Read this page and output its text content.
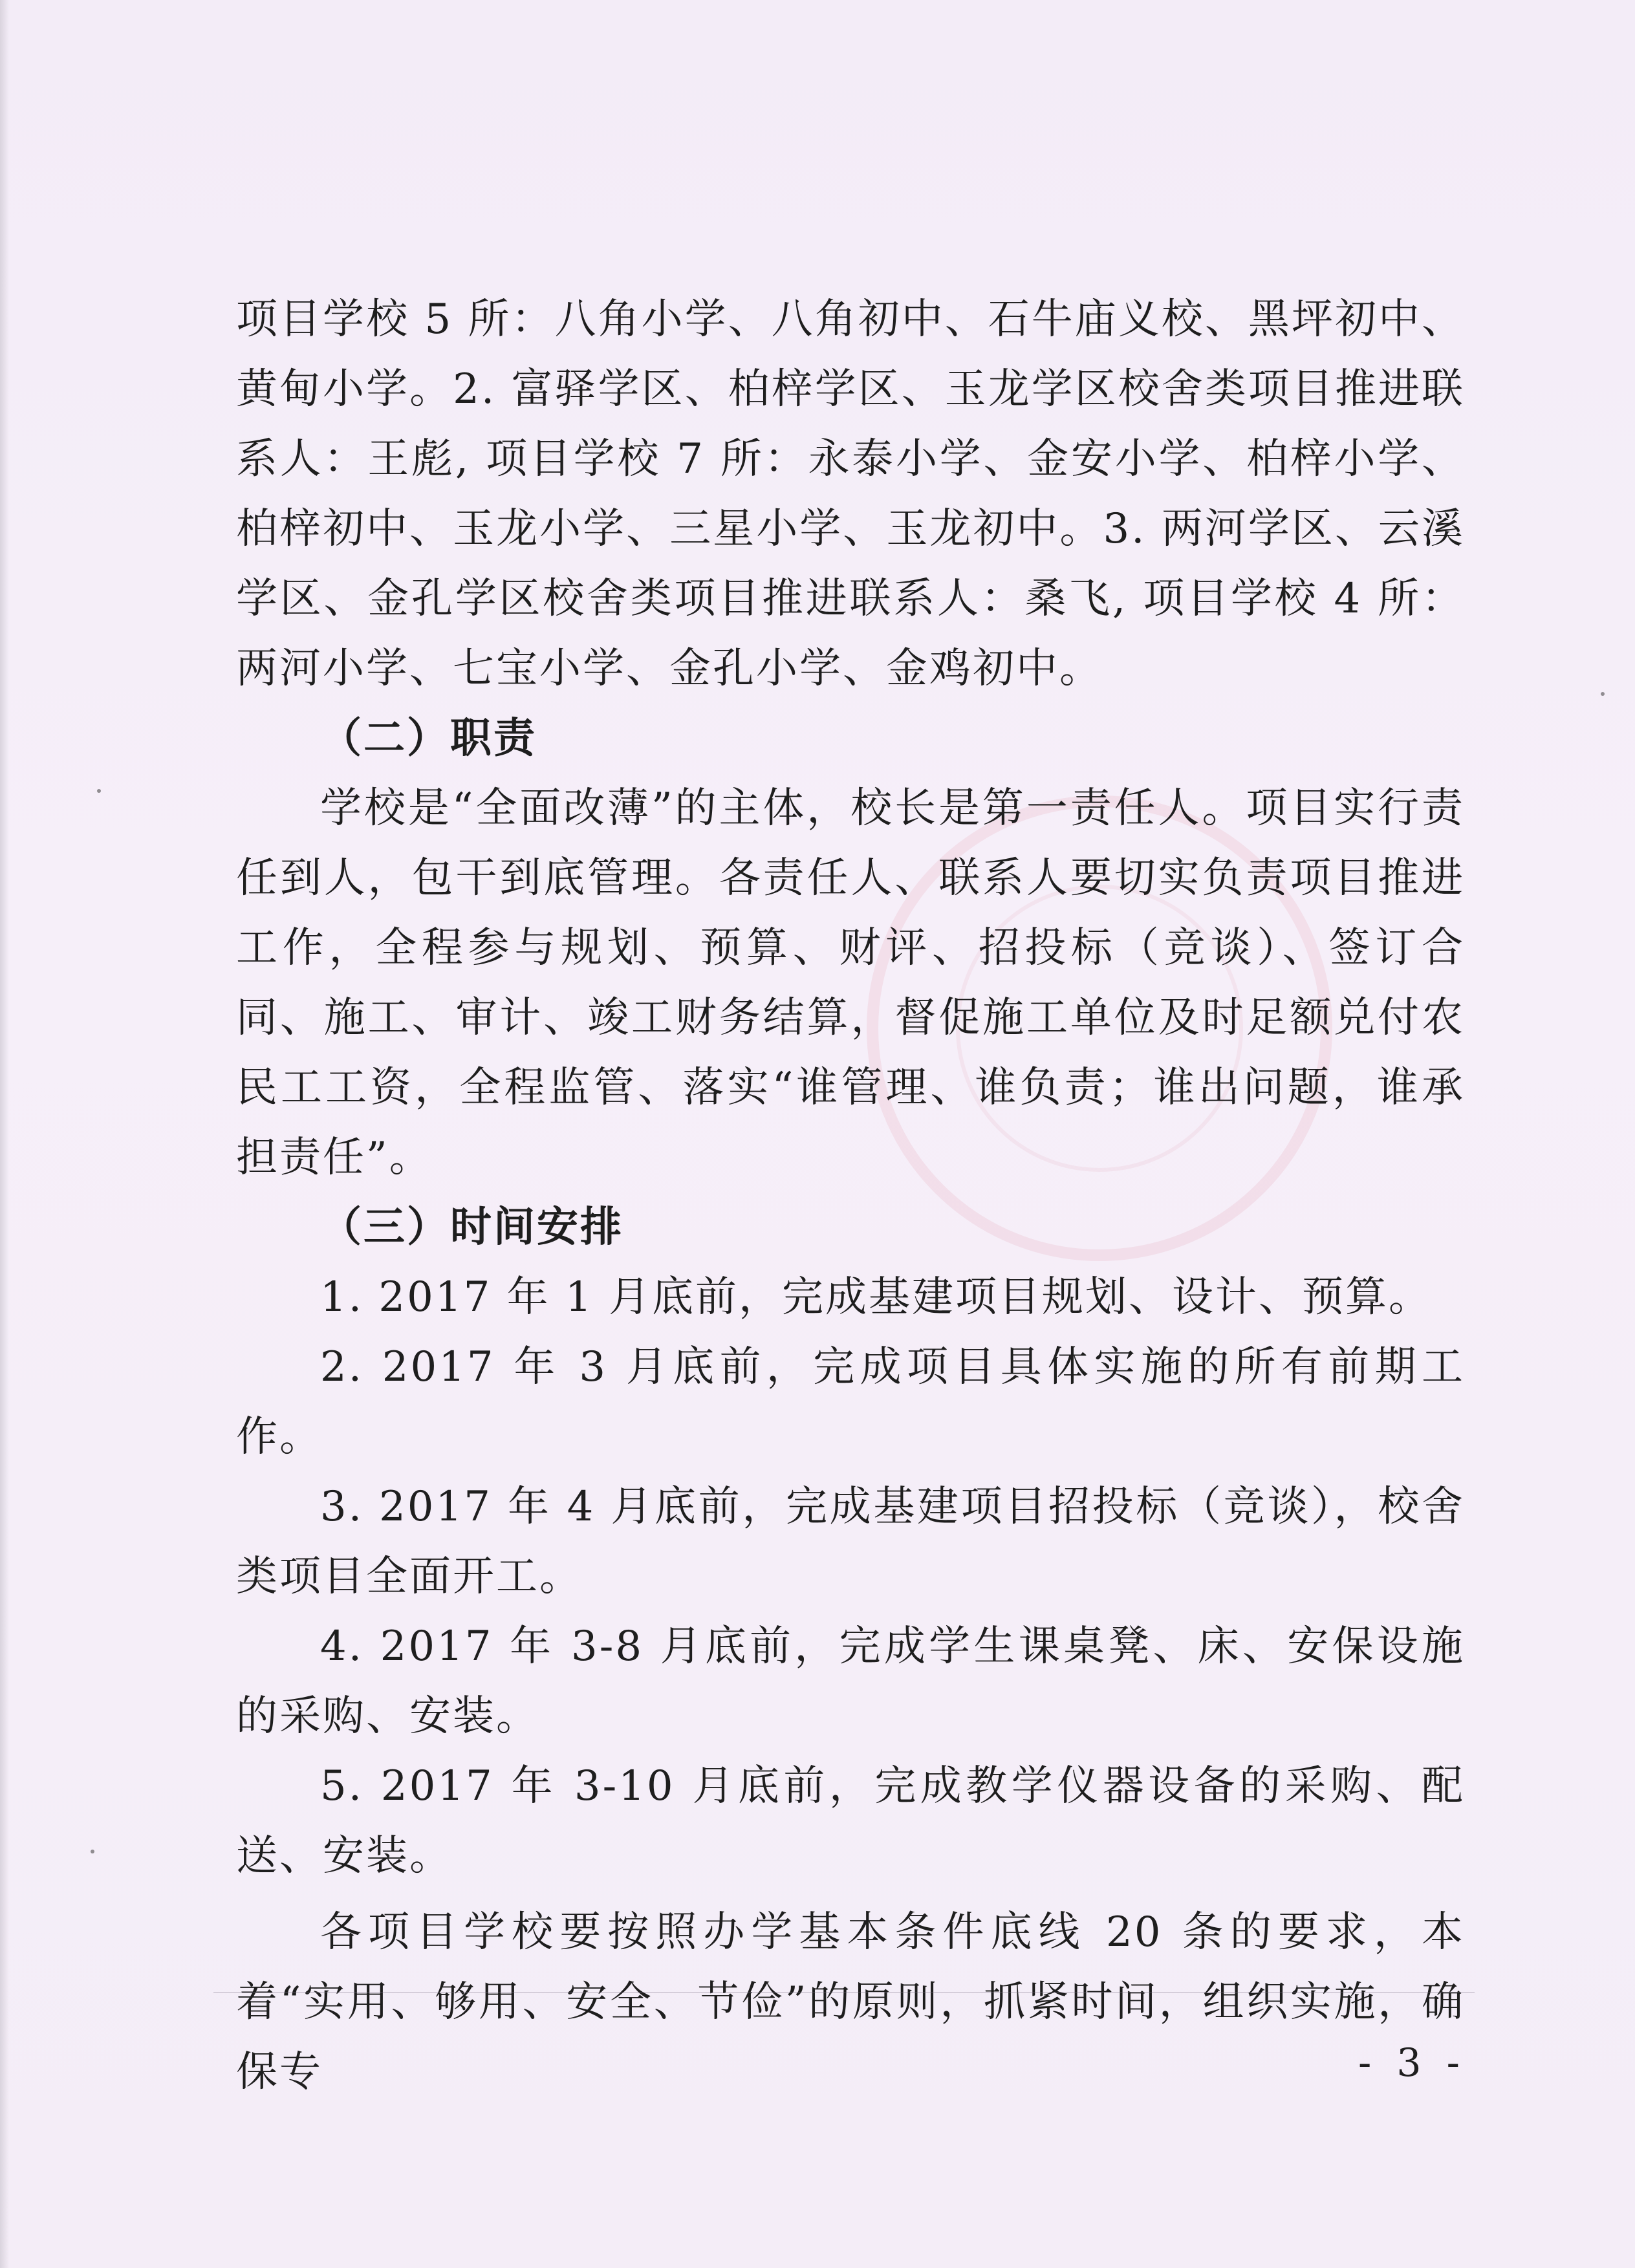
项目学校 5 所：八角小学、八角初中、石牛庙义校、黑坪初中、黄甸小学。2. 富驿学区、柏梓学区、玉龙学区校舍类项目推进联系人：王彪, 项目学校 7 所：永泰小学、金安小学、柏梓小学、柏梓初中、玉龙小学、三星小学、玉龙初中。3. 两河学区、云溪学区、金孔学区校舍类项目推进联系人：桑飞, 项目学校 4 所：两河小学、七宝小学、金孔小学、金鸡初中。

（二）职责

学校是“全面改薄”的主体，校长是第一责任人。项目实行责任到人，包干到底管理。各责任人、联系人要切实负责项目推进工作，全程参与规划、预算、财评、招投标（竞谈）、签订合同、施工、审计、竣工财务结算，督促施工单位及时足额兑付农民工工资，全程监管、落实“谁管理、谁负责；谁出问题，谁承担责任”。

（三）时间安排

1. 2017 年 1 月底前，完成基建项目规划、设计、预算。

2. 2017 年 3 月底前，完成项目具体实施的所有前期工作。

3. 2017 年 4 月底前，完成基建项目招投标（竞谈），校舍类项目全面开工。

4. 2017 年 3-8 月底前，完成学生课桌凳、床、安保设施的采购、安装。

5. 2017 年 3-10 月底前，完成教学仪器设备的采购、配送、安装。

各项目学校要按照办学基本条件底线 20 条的要求，本着“实用、够用、安全、节俭”的原则，抓紧时间，组织实施，确保专	- 3 -
